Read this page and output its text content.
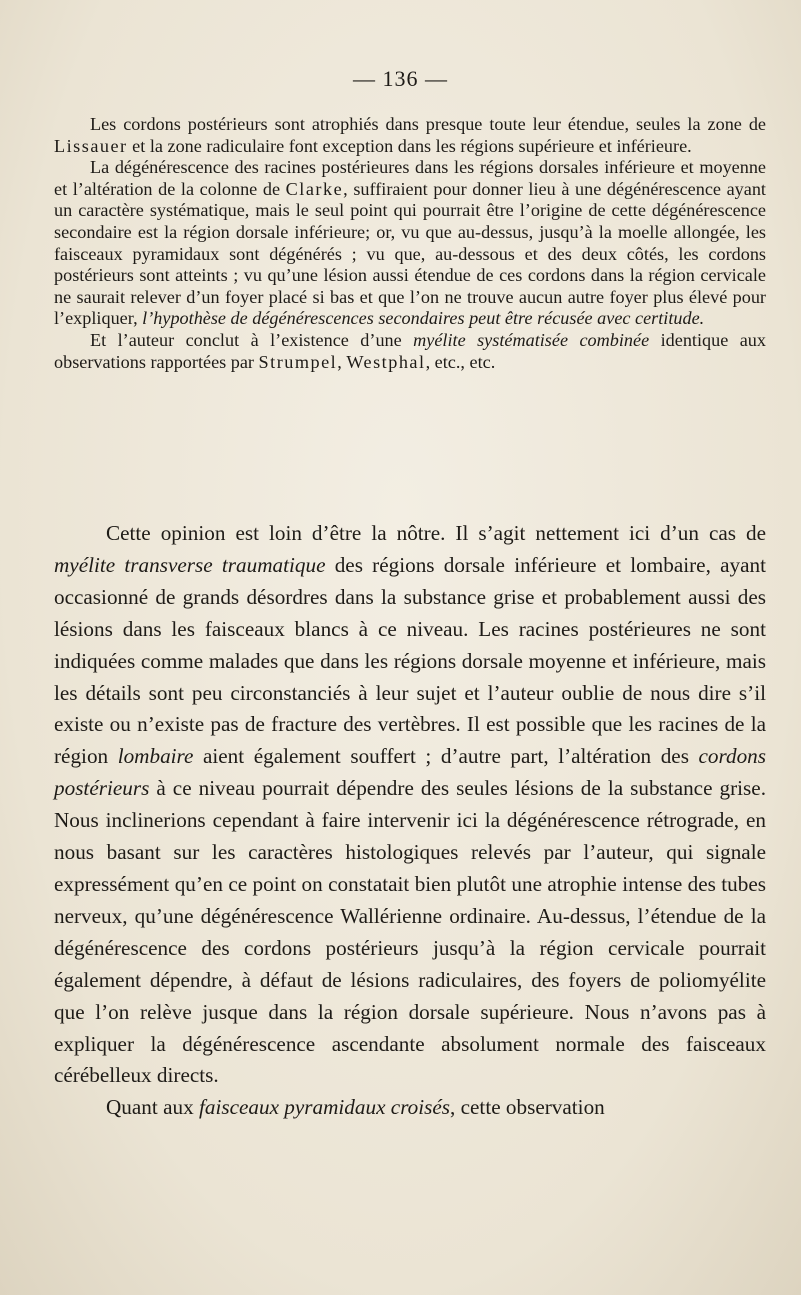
— 136 —

Les cordons postérieurs sont atrophiés dans presque toute leur étendue, seules la zone de Lissauer et la zone radiculaire font exception dans les régions supérieure et inférieure.

La dégénérescence des racines postérieures dans les régions dorsales inférieure et moyenne et l’altération de la colonne de Clarke, suffiraient pour donner lieu à une dégénérescence ayant un caractère systématique, mais le seul point qui pourrait être l’origine de cette dégénérescence secondaire est la région dorsale inférieure; or, vu que au-dessus, jusqu’à la moelle allongée, les faisceaux pyramidaux sont dégénérés ; vu que, au-dessous et des deux côtés, les cordons postérieurs sont atteints ; vu qu’une lésion aussi étendue de ces cordons dans la région cervicale ne saurait relever d’un foyer placé si bas et que l’on ne trouve aucun autre foyer plus élevé pour l’expliquer, l’hypothèse de dégénérescences secondaires peut être récusée avec certitude.

Et l’auteur conclut à l’existence d’une myélite systématisée combinée identique aux observations rapportées par Strumpel, Westphal, etc., etc.

Cette opinion est loin d’être la nôtre. Il s’agit nettement ici d’un cas de myélite transverse traumatique des régions dorsale inférieure et lombaire, ayant occasionné de grands désordres dans la substance grise et probablement aussi des lésions dans les faisceaux blancs à ce niveau. Les racines postérieures ne sont indiquées comme malades que dans les régions dorsale moyenne et inférieure, mais les détails sont peu circonstanciés à leur sujet et l’auteur oublie de nous dire s’il existe ou n’existe pas de fracture des vertèbres. Il est possible que les racines de la région lombaire aient également souffert ; d’autre part, l’altération des cordons postérieurs à ce niveau pourrait dépendre des seules lésions de la substance grise. Nous inclinerions cependant à faire intervenir ici la dégénérescence rétrograde, en nous basant sur les caractères histologiques relevés par l’auteur, qui signale expressément qu’en ce point on constatait bien plutôt une atrophie intense des tubes nerveux, qu’une dégénérescence Wallérienne ordinaire. Au-dessus, l’étendue de la dégénérescence des cordons postérieurs jusqu’à la région cervicale pourrait également dépendre, à défaut de lésions radiculaires, des foyers de poliomyélite que l’on relève jusque dans la région dorsale supérieure. Nous n’avons pas à expliquer la dégénérescence ascendante absolument normale des faisceaux cérébelleux directs.

Quant aux faisceaux pyramidaux croisés, cette observation
